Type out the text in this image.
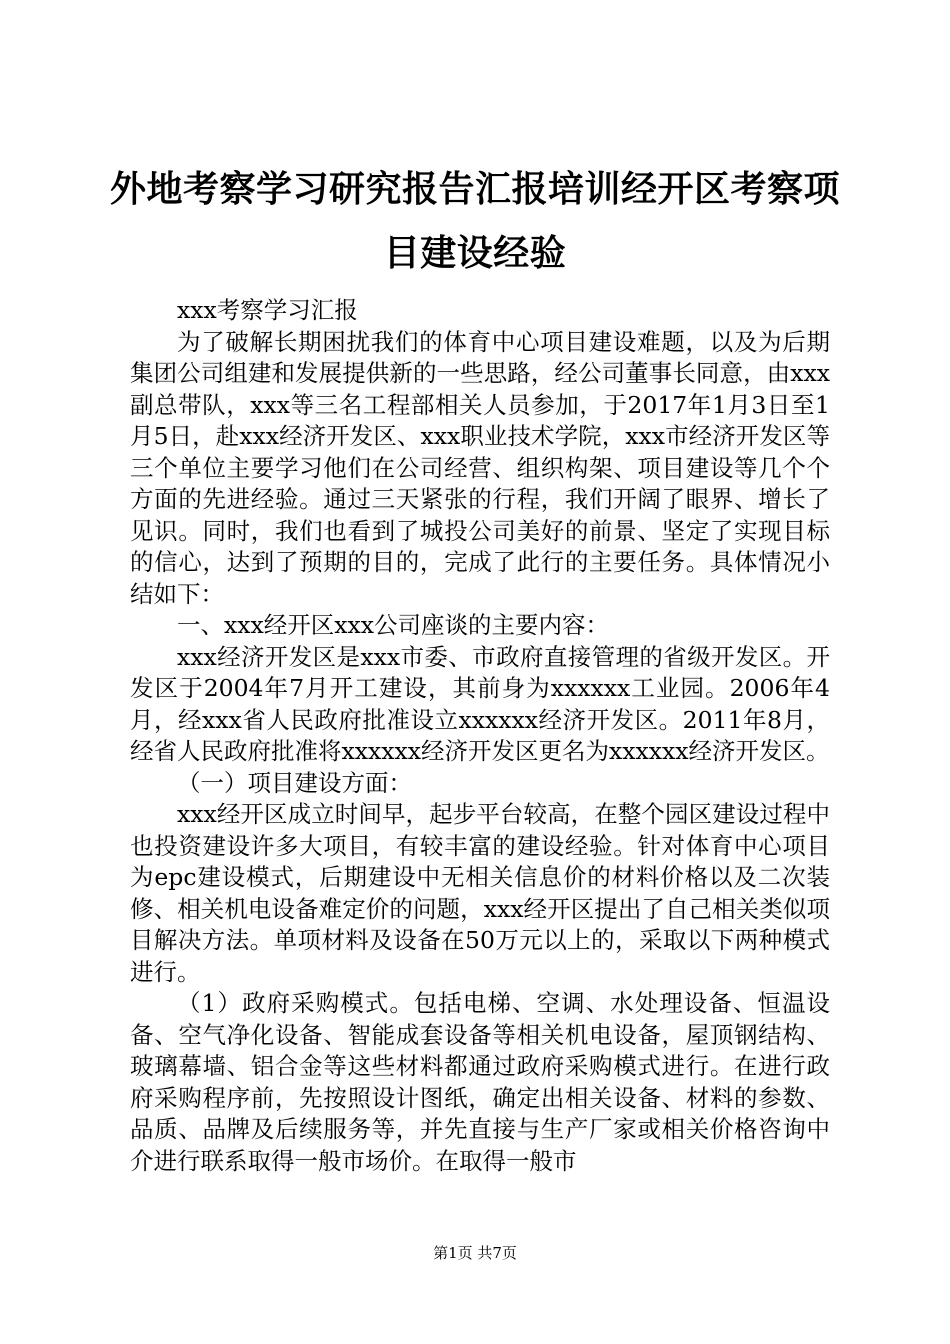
外地考察学习研究报告汇报培训经开区考察项
目建设经验

xxx考察学习汇报

为了破解长期困扰我们的体育中心项目建设难题，以及为后期集团公司组建和发展提供新的一些思路，经公司董事长同意，由xxx副总带队，xxx等三名工程部相关人员参加，于2017年1月3日至1月5日，赴xxx经济开发区、xxx职业技术学院，xxx市经济开发区等三个单位主要学习他们在公司经营、组织构架、项目建设等几个个方面的先进经验。通过三天紧张的行程，我们开阔了眼界、增长了见识。同时，我们也看到了城投公司美好的前景、坚定了实现目标的信心，达到了预期的目的，完成了此行的主要任务。具体情况小结如下：

一、xxx经开区xxx公司座谈的主要内容：

xxx经济开发区是xxx市委、市政府直接管理的省级开发区。开发区于2004年7月开工建设，其前身为xxxxxx工业园。2006年4月，经xxx省人民政府批准设立xxxxxx经济开发区。2011年8月，经省人民政府批准将xxxxxx经济开发区更名为xxxxxx经济开发区。

（一）项目建设方面：

xxx经开区成立时间早，起步平台较高，在整个园区建设过程中也投资建设许多大项目，有较丰富的建设经验。针对体育中心项目为epc建设模式，后期建设中无相关信息价的材料价格以及二次装修、相关机电设备难定价的问题，xxx经开区提出了自己相关类似项目解决方法。单项材料及设备在50万元以上的，采取以下两种模式进行。

（1）政府采购模式。包括电梯、空调、水处理设备、恒温设备、空气净化设备、智能成套设备等相关机电设备，屋顶钢结构、玻璃幕墙、铝合金等这些材料都通过政府采购模式进行。在进行政府采购程序前，先按照设计图纸，确定出相关设备、材料的参数、品质、品牌及后续服务等，并先直接与生产厂家或相关价格咨询中介进行联系取得一般市场价。在取得一般市

第1页 共7页
